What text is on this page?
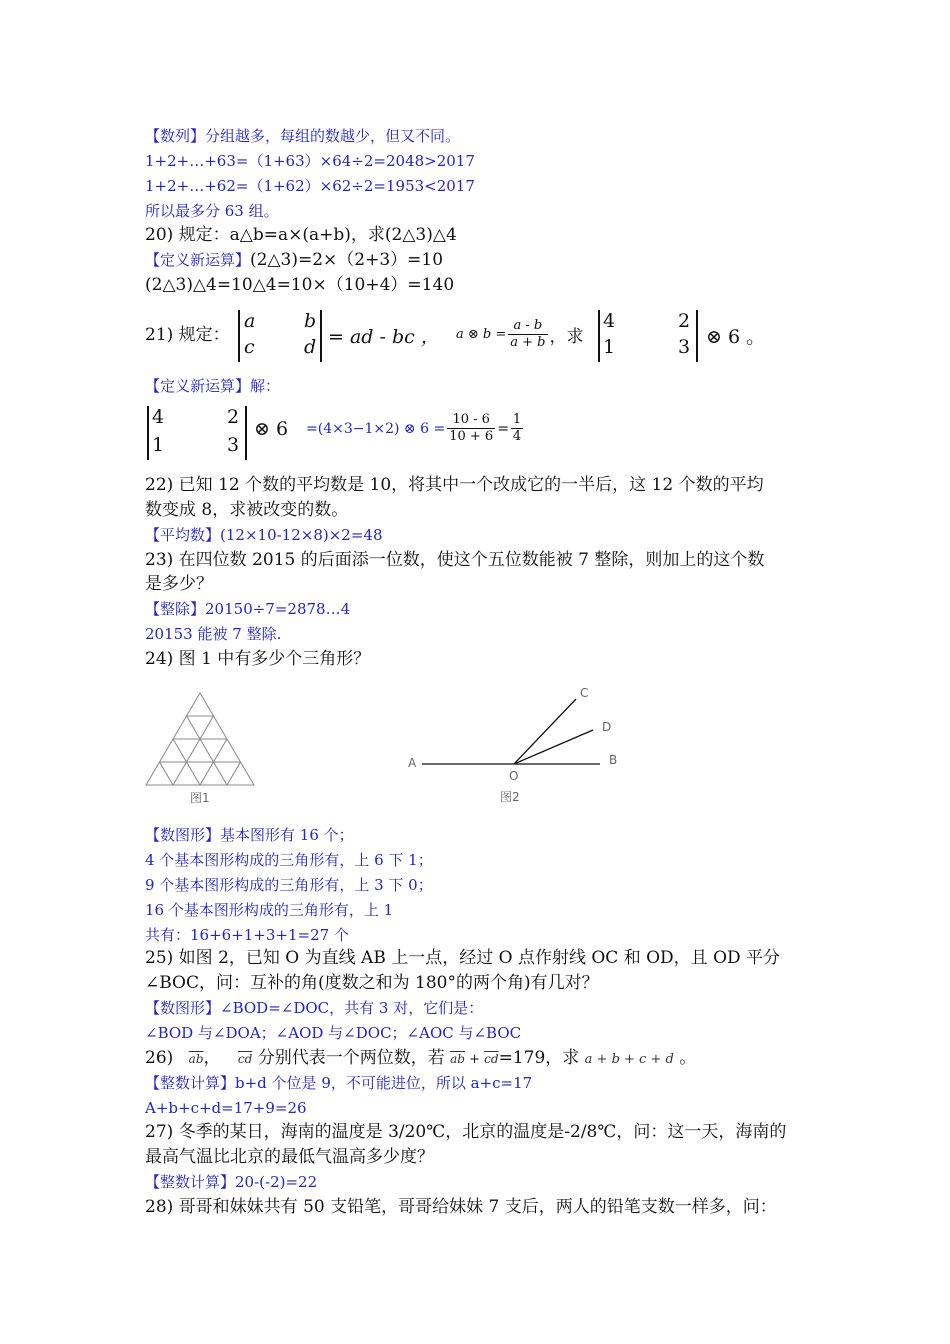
【数列】分组越多，每组的数越少，但又不同。
1+2+…+63=（1+63）×64÷2=2048>2017
1+2+…+62=（1+62）×62÷2=1953<2017
所以最多分 63 组。
20) 规定：a△b=a×(a+b)，求(2△3)△4
【定义新运算】(2△3)=2×（2+3）=10
(2△3)△4=10△4=10×（10+4）=140
21) 规定：
a	b
c	d = ad - bc ， a ⊗ $b = \frac{a - b}{a + b}$ ，求
4	2
1	3 ⊗ 6 。
【定义新运算】解：
4	2
1	3
⊗ 6 =(4×3−1×2) ⊗ $6 = \frac{10 - 6}{10 + 6} = \frac{1}{4}$
22) 已知 12 个数的平均数是 10，将其中一个改成它的一半后，这 12 个数的平均
数变成 8，求被改变的数。
【平均数】(12×10-12×8)×2=48
23) 在四位数 2015 的后面添一位数，使这个五位数能被 7 整除，则加上的这个数
是多少？
【整除】20150÷7=2878…4
20153 能被 7 整除.
24) 图 1 中有多少个三角形？
图1
A	B
C
D
O
图2
【数图形】基本图形有 16 个；
4 个基本图形构成的三角形有，上 6 下 1；
9 个基本图形构成的三角形有，上 3 下 0；
16 个基本图形构成的三角形有，上 1
共有：16+6+1+3+1=27 个
25) 如图 2，已知 O 为直线 AB 上一点，经过 O 点作射线 OC 和 OD，且 OD 平分
∠BOC，问：互补的角(度数之和为 180°的两个角)有几对？
【数图形】∠BOD=∠DOC，共有 3 对，它们是：
∠BOD 与∠DOA；∠AOD 与∠DOC；∠AOC 与∠BOC
26) $\overline{ab}$， $\overline{cd}$ 分别代表一个两位数，若 $\overline{ab} + \overline{cd}=179$，求 a + b + c + d 。
【整数计算】b+d 个位是 9，不可能进位，所以 a+c=17
A+b+c+d=17+9=26
27) 冬季的某日，海南的温度是 3/20℃，北京的温度是-2/8℃，问：这一天，海南的
最高气温比北京的最低气温高多少度？
【整数计算】20-(-2)=22
28) 哥哥和妹妹共有 50 支铅笔，哥哥给妹妹 7 支后，两人的铅笔支数一样多，问：
